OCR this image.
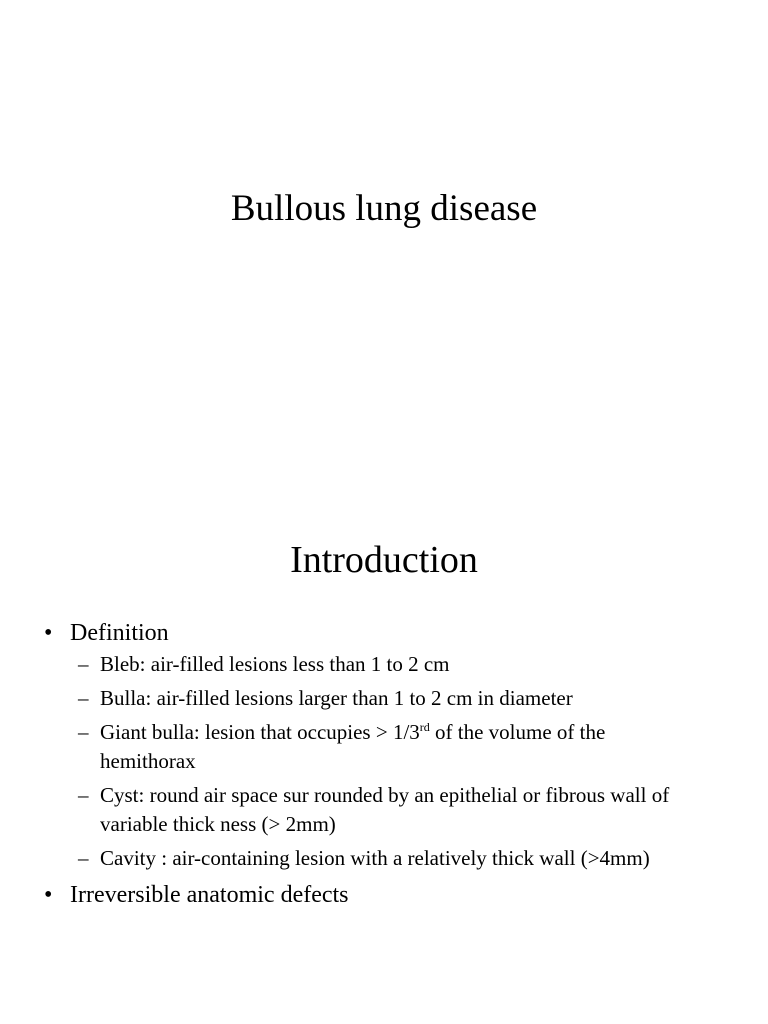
Bullous lung disease
Introduction
• Definition
– Bleb: air-filled lesions less than 1 to 2 cm
– Bulla: air-filled lesions larger than 1 to 2 cm in diameter
– Giant bulla: lesion that occupies > 1/3rd of the volume of the hemithorax
– Cyst: round air space sur rounded by an epithelial or fibrous wall of variable thick ness (> 2mm)
– Cavity : air-containing lesion with a relatively thick wall (>4mm)
• Irreversible anatomic defects
